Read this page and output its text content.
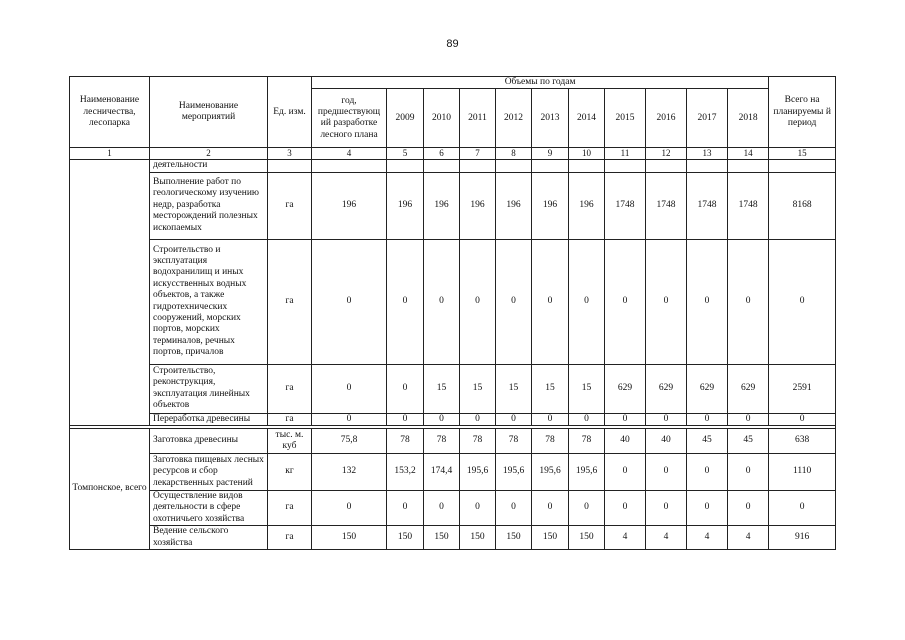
89
Наименование лесничества, лесопарка	Наименование мероприятий	Ед. изм.	Объемы по годам											Всего на планируемы й период
			год, предшествующ ий разработке лесного плана	2009	2010	2011	2012	2013	2014	2015	2016	2017	2018	
1	2	3	4	5	6	7	8	9	10	11	12	13	14	15
	деятельности													
	Выполнение работ по геологическому изучению недр, разработка месторождений полезных ископаемых	га	196	196	196	196	196	196	196	1748	1748	1748	1748	8168
	Строительство и эксплуатация водохранилищ и иных искусственных водных объектов, а также гидротехнических сооружений, морских портов, морских терминалов, речных портов, причалов	га	0	0	0	0	0	0	0	0	0	0	0	0
	Строительство, реконструкция, эксплуатация линейных объектов	га	0	0	15	15	15	15	15	629	629	629	629	2591
	Переработка древесины	га	0	0	0	0	0	0	0	0	0	0	0	0

Томпонское, всего	Заготовка древесины	тыс. м. куб	75,8	78	78	78	78	78	78	40	40	45	45	638
	Заготовка пищевых лесных ресурсов и сбор лекарственных растений	кг	132	153,2	174,4	195,6	195,6	195,6	195,6	0	0	0	0	1110
	Осуществление видов деятельности в сфере охотничьего хозяйства	га	0	0	0	0	0	0	0	0	0	0	0	0
	Ведение сельского хозяйства	га	150	150	150	150	150	150	150	4	4	4	4	916
